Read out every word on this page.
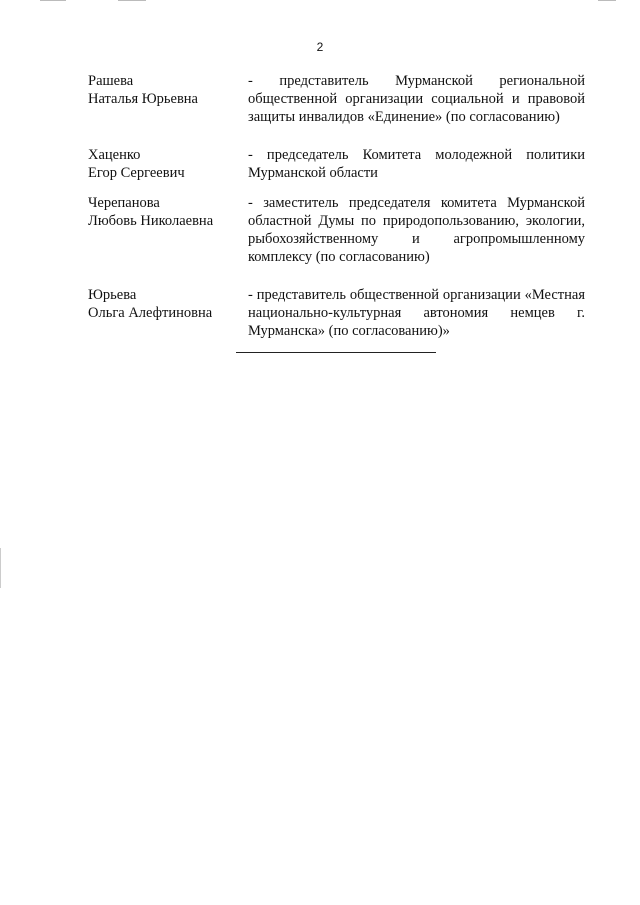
2
Рашева
Наталья Юрьевна
- представитель Мурманской региональной общественной организации социальной и правовой защиты инвалидов «Единение» (по согласованию)
Хаценко
Егор Сергеевич
- председатель Комитета молодежной политики Мурманской области
Черепанова
Любовь Николаевна
- заместитель председателя комитета Мурманской областной Думы по природопользованию, экологии, рыбохозяйственному и агропромышленному комплексу (по согласованию)
Юрьева
Ольга Алефтиновна
- представитель общественной организации «Местная национально-культурная автономия немцев г. Мурманска» (по согласованию)»
